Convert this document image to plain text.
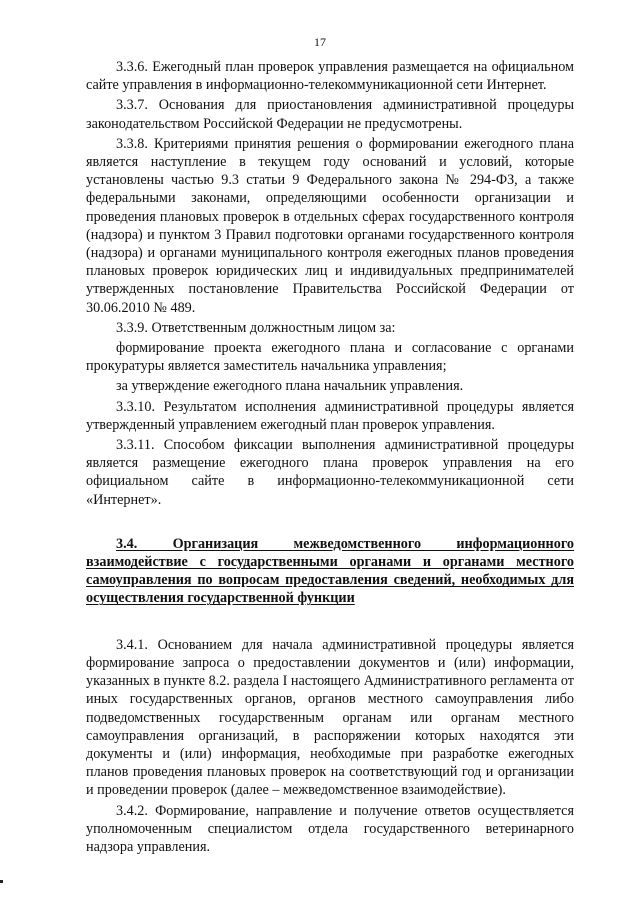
17

3.3.6. Ежегодный план проверок управления размещается на официальном сайте управления в информационно-телекоммуникационной сети Интернет.

3.3.7. Основания для приостановления административной процедуры законодательством Российской Федерации не предусмотрены.

3.3.8. Критериями принятия решения о формировании ежегодного плана является наступление в текущем году оснований и условий, которые установлены частью 9.3 статьи 9 Федерального закона № 294-ФЗ, а также федеральными законами, определяющими особенности организации и проведения плановых проверок в отдельных сферах государственного контроля (надзора) и пунктом 3 Правил подготовки органами государственного контроля (надзора) и органами муниципального контроля ежегодных планов проведения плановых проверок юридических лиц и индивидуальных предпринимателей утвержденных постановление Правительства Российской Федерации от 30.06.2010 № 489.

3.3.9. Ответственным должностным лицом за:

формирование проекта ежегодного плана и согласование с органами прокуратуры является заместитель начальника управления;

за утверждение ежегодного плана начальник управления.

3.3.10. Результатом исполнения административной процедуры является утвержденный управлением ежегодный план проверок управления.

3.3.11. Способом фиксации выполнения административной процедуры является размещение ежегодного плана проверок управления на его официальном сайте в информационно-телекоммуникационной сети «Интернет».

3.4. Организация межведомственного информационного взаимодействие с государственными органами и органами местного самоуправления по вопросам предоставления сведений, необходимых для осуществления государственной функции

3.4.1. Основанием для начала административной процедуры является формирование запроса о предоставлении документов и (или) информации, указанных в пункте 8.2. раздела I настоящего Административного регламента от иных государственных органов, органов местного самоуправления либо подведомственных государственным органам или органам местного самоуправления организаций, в распоряжении которых находятся эти документы и (или) информация, необходимые при разработке ежегодных планов проведения плановых проверок на соответствующий год и организации и проведении проверок (далее – межведомственное взаимодействие).

3.4.2. Формирование, направление и получение ответов осуществляется уполномоченным специалистом отдела государственного ветеринарного надзора управления.
